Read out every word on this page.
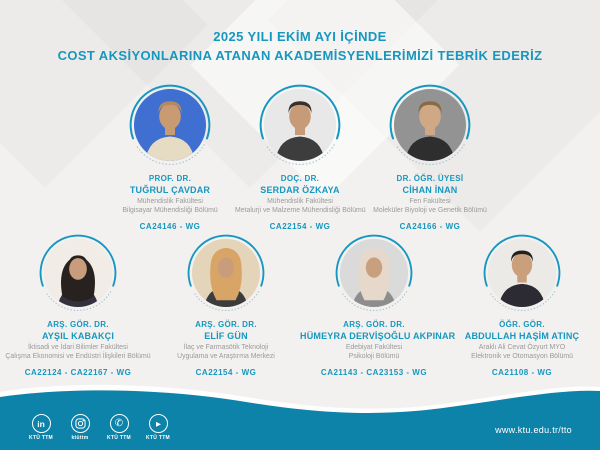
2025 YILI EKİM AYI İÇİNDE
COST AKSİYONLARINA ATANAN AKADEMİSYENLERİMİZİ TEBRİK EDERİZ
PROF. DR.
TUĞRUL ÇAVDAR
Mühendislik Fakültesi
Bilgisayar Mühendisliği Bölümü
CA24146 - WG
DOÇ. DR.
SERDAR ÖZKAYA
Mühendislik Fakültesi
Metalurji ve Malzeme Mühendisliği Bölümü
CA22154 - WG
DR. ÖĞR. ÜYESİ
CİHAN İNAN
Fen Fakültesi
Moleküler Biyoloji ve Genetik Bölümü
CA24166 - WG
ARŞ. GÖR. DR.
AYŞIL KABAKÇI
İktisadi ve İdari Bilimler Fakültesi
Çalışma Ekonomisi ve Endüstri İlişkileri Bölümü
CA22124 - CA22167 - WG
ARŞ. GÖR. DR.
ELİF GÜN
İlaç ve Farmasötik Teknoloji
Uygulama ve Araştırma Merkezi
CA22154 - WG
ARŞ. GÖR. DR.
HÜMEYRA DERVİŞOĞLU AKPINAR
Edebiyat Fakültesi
Psikoloji Bölümü
CA21143 - CA23153 - WG
ÖĞR. GÖR.
ABDULLAH HAŞİM ATINÇ
Araklı Ali Cevat Özyurt MYO
Elektronik ve Otomasyon Bölümü
CA21108 - WG
in
KTÜ TTM	ktüttm
✆
KTÜ TTM
▶
KTÜ TTM
www.ktu.edu.tr/tto
